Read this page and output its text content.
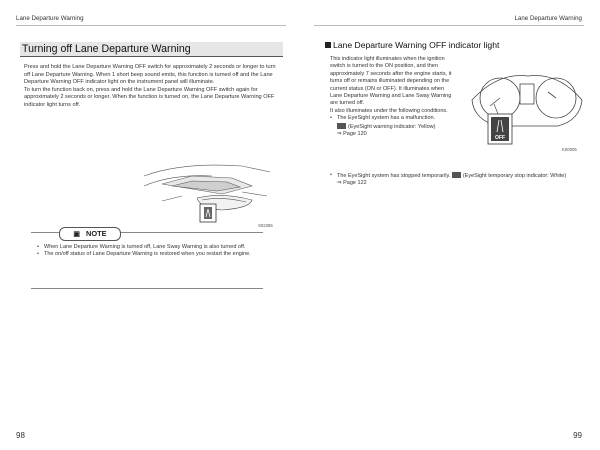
Lane Departure Warning	Lane Departure Warning
Turning off Lane Departure Warning

Press and hold the Lane Departure Warning OFF switch for approximately 2 seconds or longer to turn off Lane Departure Warning. When 1 short beep sound emits, this function is turned off and the Lane Departure Warning OFF indicator light on the instrument panel will illuminate.

To turn the function back on, press and hold the Lane Departure Warning OFF switch again for approximately 2 seconds or longer. When the function is turned on, the Lane Departure Warning OFF indicator light turns off.

S02386
▣ NOTE
• When Lane Departure Warning is turned off, Lane Sway Warning is also turned off.
• The on/off status of Lane Departure Warning is restored when you restart the engine.
Lane Departure Warning OFF indicator light

This indicator light illuminates when the ignition switch is turned to the ON position, and then approximately 7 seconds after the engine starts, it turns off or remains illuminated depending on the current status (ON or OFF). It illuminates when Lane Departure Warning and Lane Sway Warning are turned off.

It also illuminates under the following conditions.

• The EyeSight system has a malfunction.
(EyeSight warning indicator: Yellow)
⇒ Page 120
OFF
K00005
• The EyeSight system has stopped temporarily. (EyeSight temporary stop indicator: White)
⇒ Page 122
98	99
